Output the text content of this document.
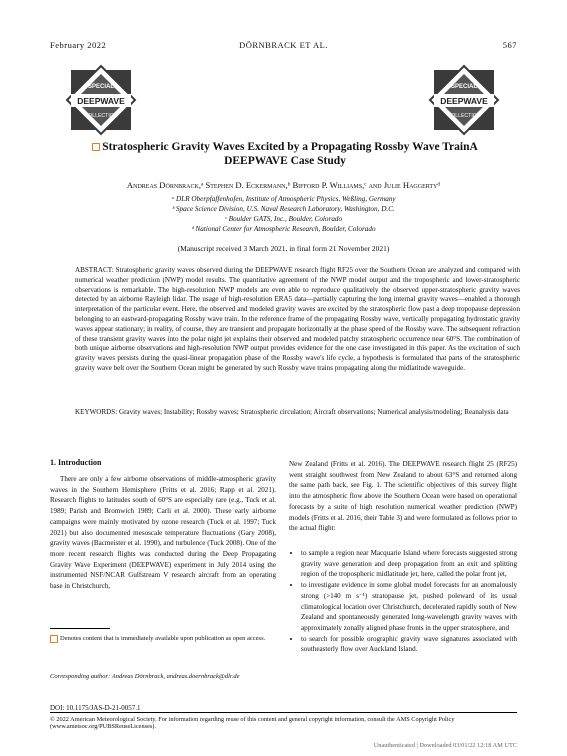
February 2022	DÖRNBRACK ET AL.	567
SPECIAL
DEEPWAVE
COLLECTION
SPECIAL
DEEPWAVE
COLLECTION
Stratospheric Gravity Waves Excited by a Propagating Rossby Wave TrainA
DEEPWAVE Case Study
Andreas Dörnbrack,ᵃ Stephen D. Eckermann,ᵇ Bifford P. Williams,ᶜ and Julie Haggertyᵈ
ᵃ DLR Oberpfaffenhofen, Institute of Atmospheric Physics, Weßling, Germany
ᵇ Space Science Division, U.S. Naval Research Laboratory, Washington, D.C.
ᶜ Boulder GATS, Inc., Boulder, Colorado
ᵈ National Center for Atmospheric Research, Boulder, Colorado
(Manuscript received 3 March 2021, in final form 21 November 2021)
ABSTRACT: Stratospheric gravity waves observed during the DEEPWAVE research flight RF25 over the Southern Ocean are analyzed and compared with numerical weather prediction (NWP) model results. The quantitative agreement of the NWP model output and the tropospheric and lower-stratospheric observations is remarkable. The high-resolution NWP models are even able to reproduce qualitatively the observed upper-stratospheric gravity waves detected by an airborne Rayleigh lidar. The usage of high-resolution ERA5 data—partially capturing the long internal gravity waves—enabled a thorough interpretation of the particular event. Here, the observed and modeled gravity waves are excited by the stratospheric flow past a deep tropopause depression belonging to an eastward-propagating Rossby wave train. In the reference frame of the propagating Rossby wave, vertically propagating hydrostatic gravity waves appear stationary; in reality, of course, they are transient and propagate horizontally at the phase speed of the Rossby wave. The subsequent refraction of these transient gravity waves into the polar night jet explains their observed and modeled patchy stratospheric occurrence near 60°S. The combination of both unique airborne observations and high-resolution NWP output provides evidence for the one case investigated in this paper. As the excitation of such gravity waves persists during the quasi-linear propagation phase of the Rossby wave's life cycle, a hypothesis is formulated that parts of the stratospheric gravity wave belt over the Southern Ocean might be generated by such Rossby wave trains propagating along the midlatitude waveguide.
KEYWORDS: Gravity waves; Instability; Rossby waves; Stratospheric circulation; Aircraft observations; Numerical analysis/modeling; Reanalysis data
1. Introduction
There are only a few airborne observations of middle-atmospheric gravity waves in the Southern Hemisphere (Fritts et al. 2016; Rapp et al. 2021). Research flights to latitudes south of 60°S are especially rare (e.g., Tuck et al. 1989; Parish and Bromwich 1989; Carli et al. 2000). These early airborne campaigns were mainly motivated by ozone research (Tuck et al. 1997; Tuck 2021) but also documented mesoscale temperature fluctuations (Gary 2008), gravity waves (Bacmeister et al. 1990), and turbulence (Tuck 2008). One of the more recent research flights was conducted during the Deep Propagating Gravity Wave Experiment (DEEPWAVE) experiment in July 2014 using the instrumented NSF/NCAR Gulfstream V research aircraft from an operating base in Christchurch,
Denotes content that is immediately available upon publication as open access.
Corresponding author: Andreas Dörnbrack, andreas.doernbrack@dlr.de
New Zealand (Fritts et al. 2016). The DEEPWAVE research flight 25 (RF25) went straight southwest from New Zealand to about 63°S and returned along the same path back, see Fig. 1. The scientific objectives of this survey flight into the atmospheric flow above the Southern Ocean were based on operational forecasts by a suite of high resolution numerical weather prediction (NWP) models (Fritts et al. 2016, their Table 3) and were formulated as follows prior to the actual flight:
• to sample a region near Macquarie Island where forecasts suggested strong gravity wave generation and deep propagation from an exit and splitting region of the tropospheric midlatitude jet, here, called the polar front jet,
• to investigate evidence in some global model forecasts for an anomalously strong (>140 m s⁻¹) stratopause jet, pushed poleward of its usual climatological location over Christchurch, decelerated rapidly south of New Zealand and spontaneously generated long-wavelength gravity waves with approximately zonally aligned phase fronts in the upper stratosphere, and
• to search for possible orographic gravity wave signatures associated with southeasterly flow over Auckland Island.
DOI: 10.1175/JAS-D-21-0057.1
© 2022 American Meteorological Society. For information regarding reuse of this content and general copyright information, consult the AMS Copyright Policy (www.ametsoc.org/PUBSReuseLicenses).
Unauthenticated | Downloaded 03/01/22 12:18 AM UTC
